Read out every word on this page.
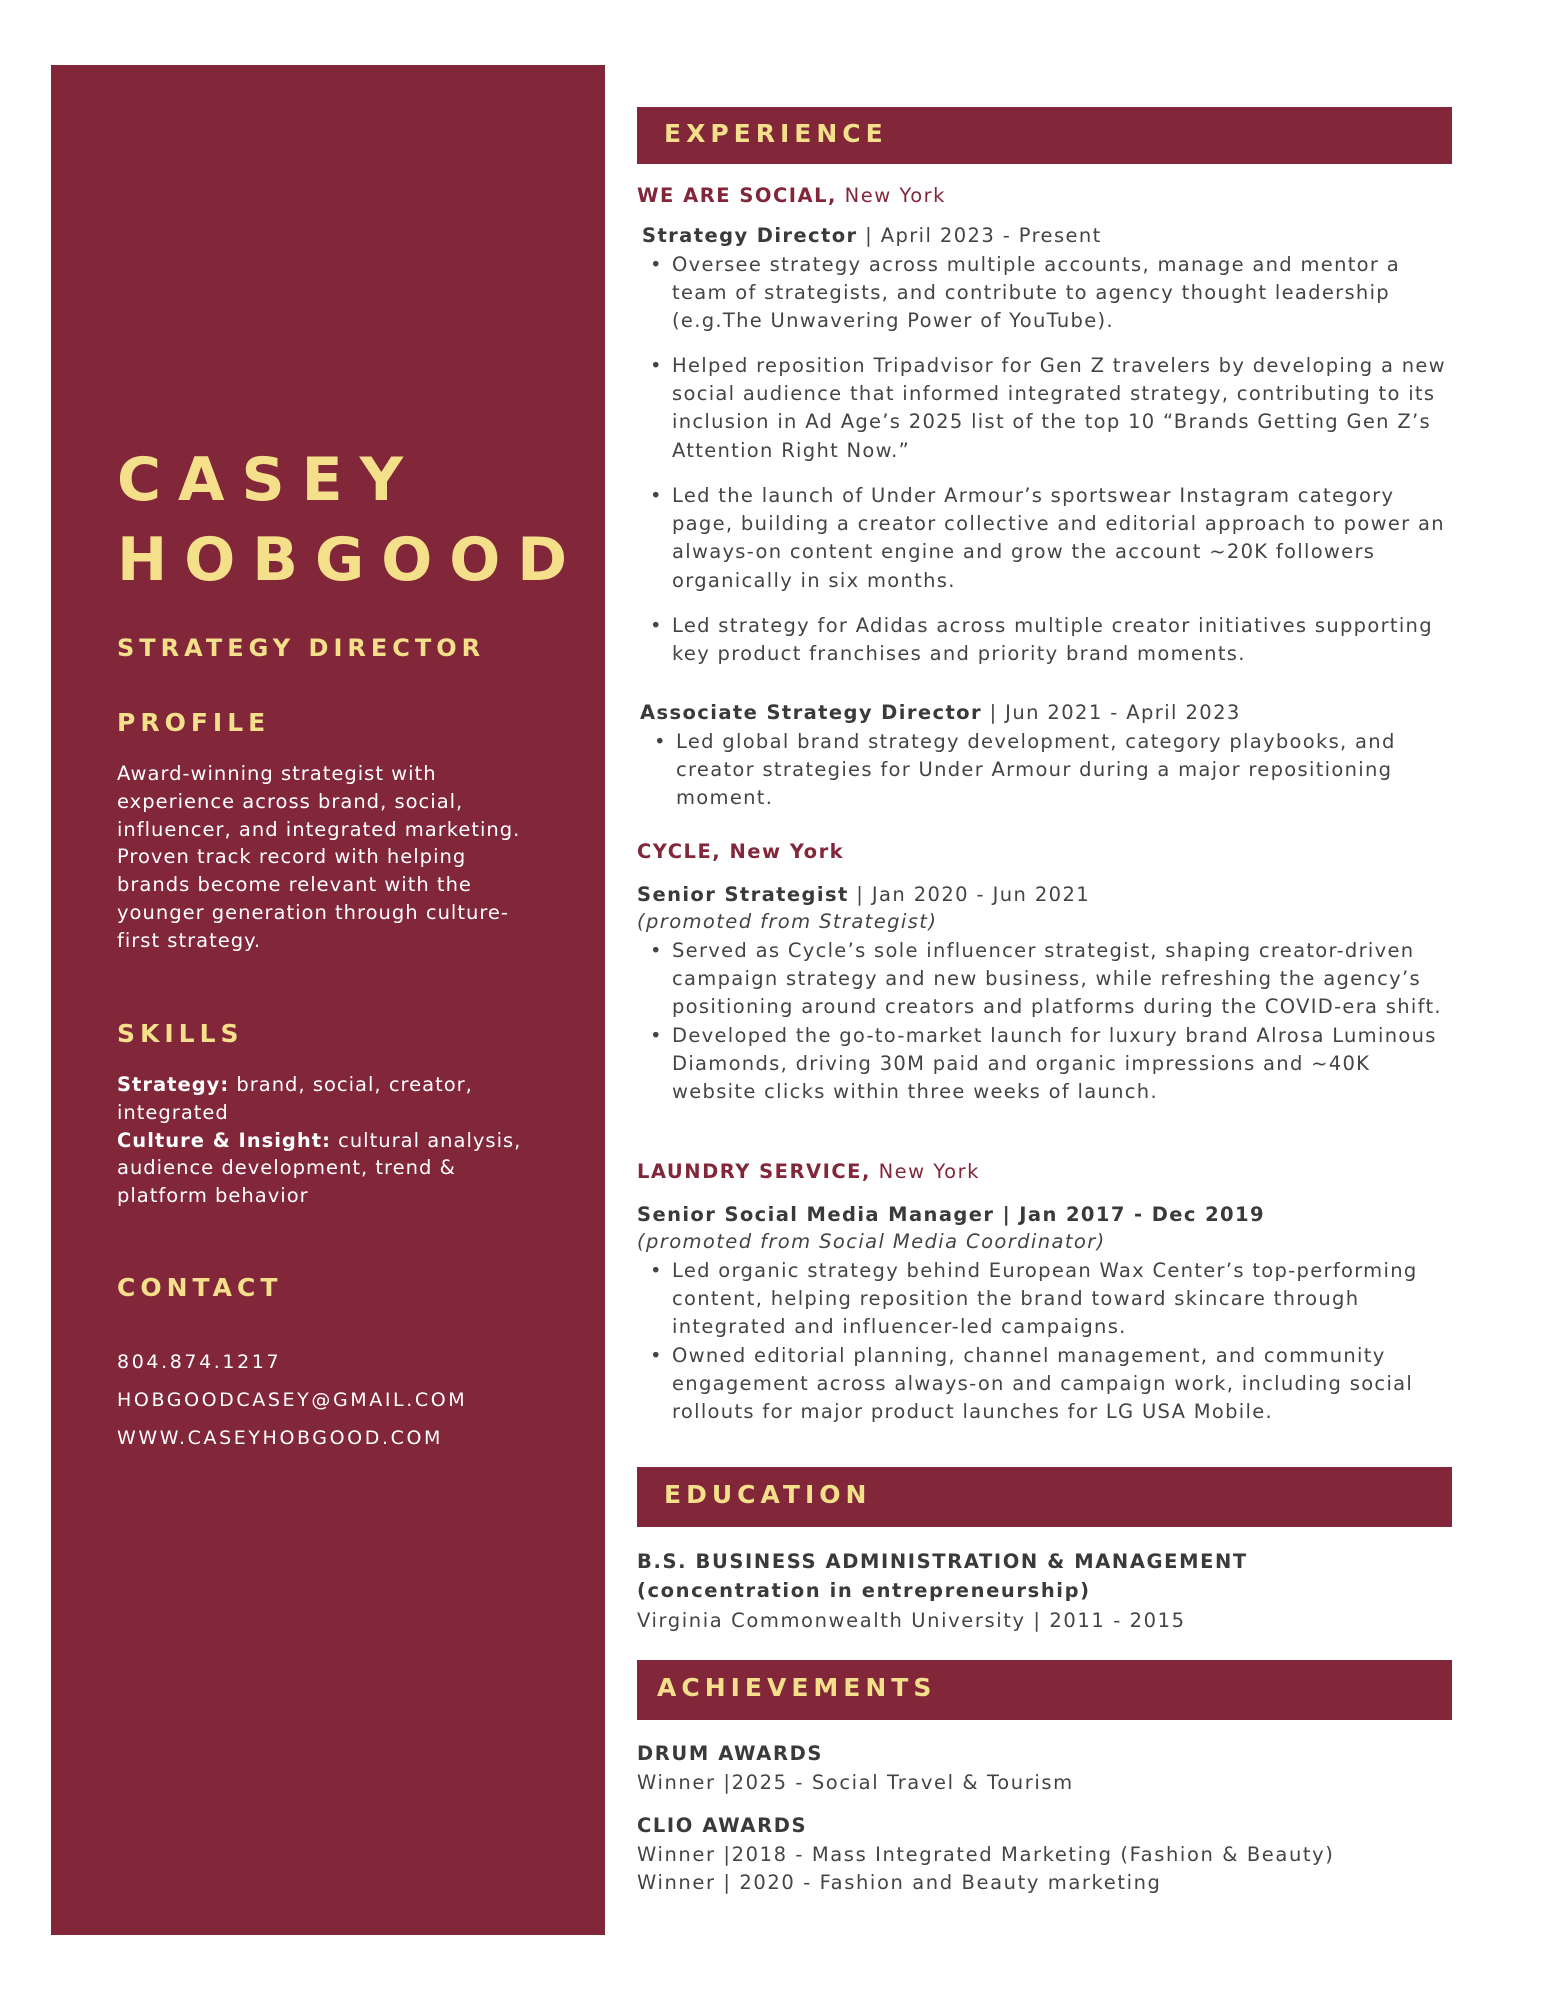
CASEY
HOBGOOD
STRATEGY DIRECTOR
PROFILE
Award-winning strategist with experience across brand, social, influencer, and integrated marketing. Proven track record with helping brands become relevant with the younger generation through culture-first strategy.
SKILLS
Strategy: brand, social, creator, integrated
Culture & Insight: cultural analysis, audience development, trend & platform behavior
CONTACT
804.874.1217
HOBGOODCASEY@GMAIL.COM
WWW.CASEYHOBGOOD.COM
EXPERIENCE
WE ARE SOCIAL, New York
Strategy Director | April 2023 - Present
• Oversee strategy across multiple accounts, manage and mentor a team of strategists, and contribute to agency thought leadership (e.g.The Unwavering Power of YouTube).
• Helped reposition Tripadvisor for Gen Z travelers by developing a new social audience that informed integrated strategy, contributing to its inclusion in Ad Age’s 2025 list of the top 10 “Brands Getting Gen Z’s Attention Right Now.”
• Led the launch of Under Armour’s sportswear Instagram category page, building a creator collective and editorial approach to power an always-on content engine and grow the account ~20K followers organically in six months.
• Led strategy for Adidas across multiple creator initiatives supporting key product franchises and priority brand moments.
Associate Strategy Director | Jun 2021 - April 2023
• Led global brand strategy development, category playbooks, and creator strategies for Under Armour during a major repositioning moment.
CYCLE, New York
Senior Strategist | Jan 2020 - Jun 2021
(promoted from Strategist)
• Served as Cycle’s sole influencer strategist, shaping creator-driven campaign strategy and new business, while refreshing the agency’s positioning around creators and platforms during the COVID-era shift.
• Developed the go-to-market launch for luxury brand Alrosa Luminous Diamonds, driving 30M paid and organic impressions and ~40K website clicks within three weeks of launch.
LAUNDRY SERVICE, New York
Senior Social Media Manager | Jan 2017 - Dec 2019
(promoted from Social Media Coordinator)
• Led organic strategy behind European Wax Center’s top-performing content, helping reposition the brand toward skincare through integrated and influencer-led campaigns.
• Owned editorial planning, channel management, and community engagement across always-on and campaign work, including social rollouts for major product launches for LG USA Mobile.
EDUCATION
B.S. BUSINESS ADMINISTRATION & MANAGEMENT
(concentration in entrepreneurship)
Virginia Commonwealth University | 2011 - 2015
ACHIEVEMENTS
DRUM AWARDS
Winner |2025 - Social Travel & Tourism
CLIO AWARDS
Winner |2018 - Mass Integrated Marketing (Fashion & Beauty)
Winner | 2020 - Fashion and Beauty marketing
